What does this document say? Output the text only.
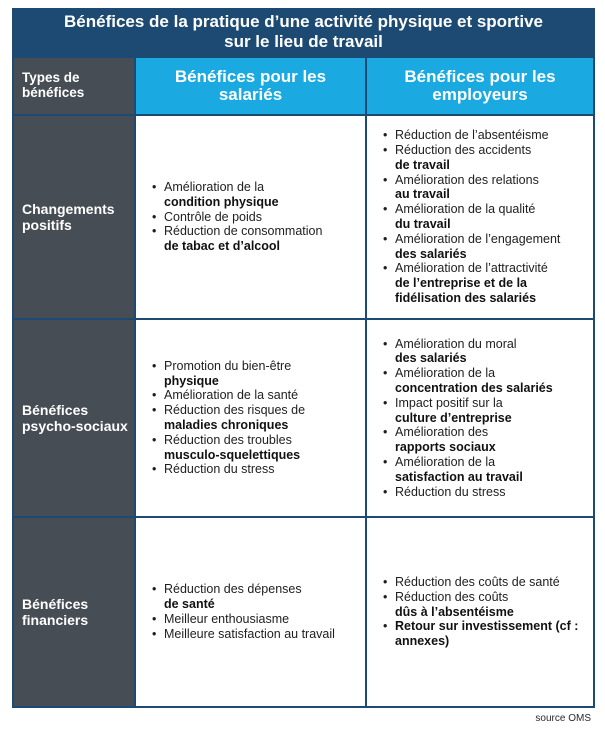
Bénéfices de la pratique d’une activité physique et sportive
sur le lieu de travail
Types de
bénéfices
Bénéfices pour les
salariés
Bénéfices pour les
employeurs
Changements
positifs
• Amélioration de la
condition physique
• Contrôle de poids
• Réduction de consommation
de tabac et d’alcool
• Réduction de l’absentéisme
• Réduction des accidents
de travail
• Amélioration des relations
au travail
• Amélioration de la qualité
du travail
• Amélioration de l’engagement
des salariés
• Amélioration de l’attractivité
de l’entreprise et de la fidélisation des salariés
Bénéfices
psycho-sociaux
• Promotion du bien-être
physique
• Amélioration de la santé
• Réduction des risques de
maladies chroniques
• Réduction des troubles
musculo-squelettiques
• Réduction du stress
• Amélioration du moral
des salariés
• Amélioration de la
concentration des salariés
• Impact positif sur la
culture d’entreprise
• Amélioration des
rapports sociaux
• Amélioration de la
satisfaction au travail
• Réduction du stress
Bénéfices
financiers
• Réduction des dépenses
de santé
• Meilleur enthousiasme
• Meilleure satisfaction au travail
• Réduction des coûts de santé
• Réduction des coûts
dûs à l’absentéisme
• Retour sur investissement (cf : annexes)
source OMS
